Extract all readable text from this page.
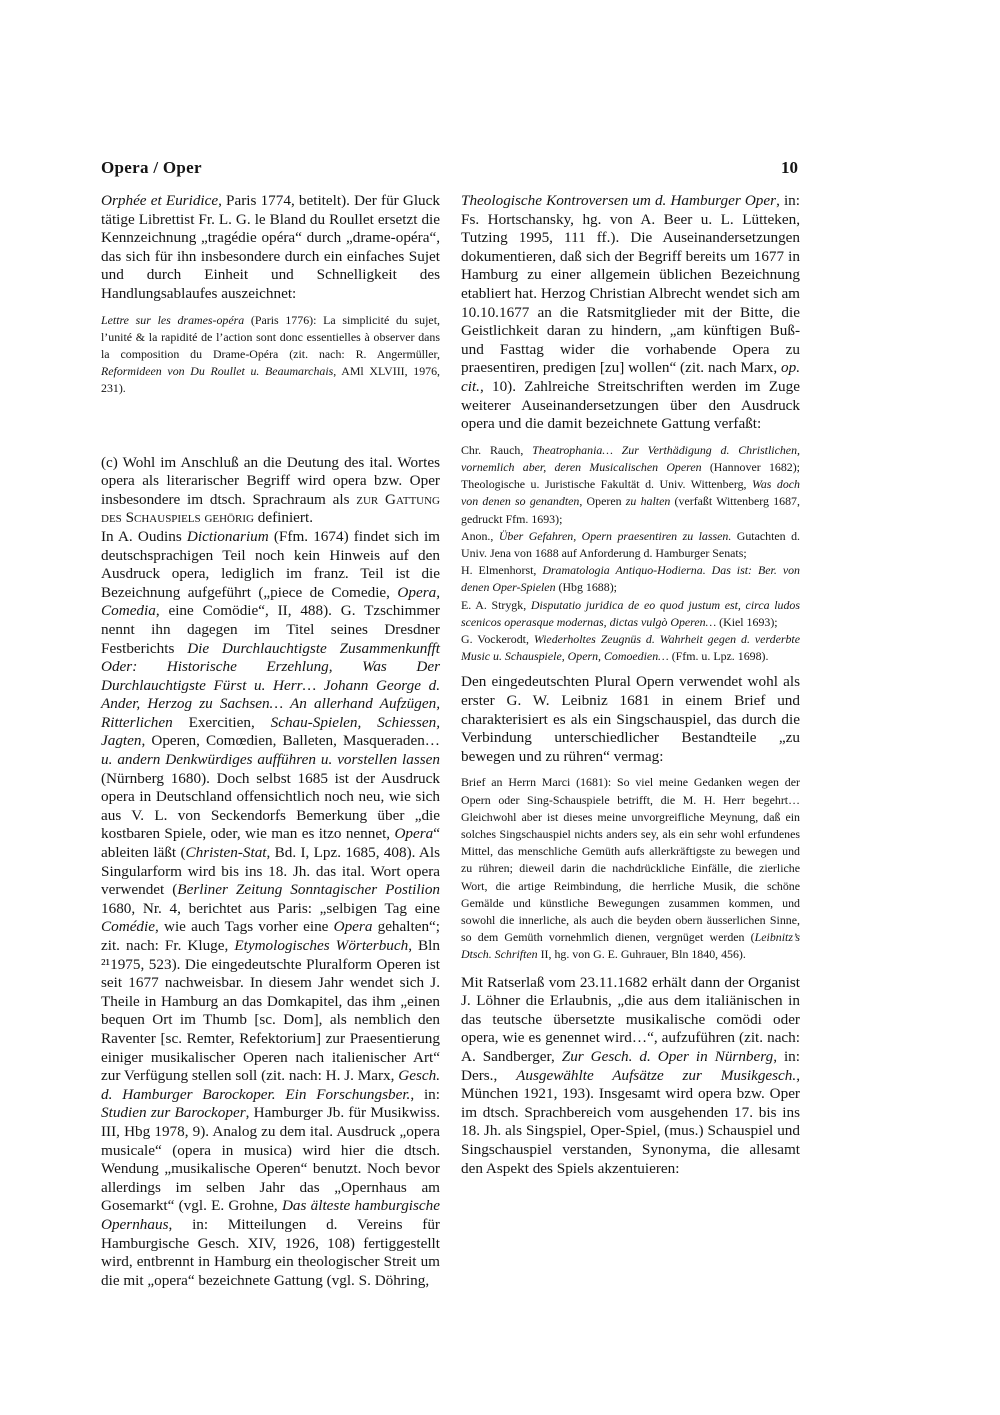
Opera / Oper	10

Orphée et Euridice, Paris 1774, betitelt). Der für Gluck tätige Librettist Fr. L. G. le Bland du Roullet ersetzt die Kennzeichnung „tragédie opéra“ durch „drame-opéra“, das sich für ihn insbesondere durch ein einfaches Sujet und durch Einheit und Schnelligkeit des Handlungsablaufes auszeichnet:

Lettre sur les drames-opéra (Paris 1776): La simplicité du sujet, l’unité & la rapidité de l’action sont donc essentielles à observer dans la composition du Drame-Opéra (zit. nach: R. Angermüller, Reformideen von Du Roullet u. Beaumarchais, AMl XLVIII, 1976, 231).

(c) Wohl im Anschluß an die Deutung des ital. Wortes opera als literarischer Begriff wird opera bzw. Oper insbesondere im dtsch. Sprachraum als zur Gattung des Schauspiels gehörig definiert.

In A. Oudins Dictionarium (Ffm. 1674) findet sich im deutschsprachigen Teil noch kein Hinweis auf den Ausdruck opera, lediglich im franz. Teil ist die Bezeichnung aufgeführt („piece de Comedie, Opera, Comedia, eine Comödie“, II, 488). G. Tzschimmer nennt ihn dagegen im Titel seines Dresdner Festberichts Die Durchlauchtigste Zusammenkunfft Oder: Historische Erzehlung, Was Der Durchlauchtigste Fürst u. Herr… Johann George d. Ander, Herzog zu Sachsen… An allerhand Aufzügen, Ritterlichen Exercitien, Schau-Spielen, Schiessen, Jagten, Operen, Comœdien, Balleten, Masqueraden… u. andern Denkwürdiges aufführen u. vorstellen lassen (Nürnberg 1680). Doch selbst 1685 ist der Ausdruck opera in Deutschland offensichtlich noch neu, wie sich aus V. L. von Seckendorfs Bemerkung über „die kostbaren Spiele, oder, wie man es itzo nennet, Opera“ ableiten läßt (Christen-Stat, Bd. I, Lpz. 1685, 408). Als Singularform wird bis ins 18. Jh. das ital. Wort opera verwendet (Berliner Zeitung Sonntagischer Postilion 1680, Nr. 4, berichtet aus Paris: „selbigen Tag eine Comédie, wie auch Tags vorher eine Opera gehalten“; zit. nach: Fr. Kluge, Etymologisches Wörterbuch, Bln ²¹1975, 523). Die eingedeutschte Pluralform Operen ist seit 1677 nachweisbar. In diesem Jahr wendet sich J. Theile in Hamburg an das Domkapitel, das ihm „einen bequen Ort im Thumb [sc. Dom], als nemblich den Raventer [sc. Remter, Refektorium] zur Praesentierung einiger musikalischer Operen nach italienischer Art“ zur Verfügung stellen soll (zit. nach: H. J. Marx, Gesch. d. Hamburger Barockoper. Ein Forschungsber., in: Studien zur Barockoper, Hamburger Jb. für Musikwiss. III, Hbg 1978, 9). Analog zu dem ital. Ausdruck „opera musicale“ (opera in musica) wird hier die dtsch. Wendung „musikalische Operen“ benutzt. Noch bevor allerdings im selben Jahr das „Opernhaus am Gosemarkt“ (vgl. E. Grohne, Das älteste hamburgische Opernhaus, in: Mitteilungen d. Vereins für Hamburgische Gesch. XIV, 1926, 108) fertiggestellt wird, entbrennt in Hamburg ein theologischer Streit um die mit „opera“ bezeichnete Gattung (vgl. S. Döhring,

Theologische Kontroversen um d. Hamburger Oper, in: Fs. Hortschansky, hg. von A. Beer u. L. Lütteken, Tutzing 1995, 111 ff.). Die Auseinandersetzungen dokumentieren, daß sich der Begriff bereits um 1677 in Hamburg zu einer allgemein üblichen Bezeichnung etabliert hat. Herzog Christian Albrecht wendet sich am 10.10.1677 an die Ratsmitglieder mit der Bitte, die Geistlichkeit daran zu hindern, „am künftigen Buß- und Fasttag wider die vorhabende Opera zu praesentiren, predigen [zu] wollen“ (zit. nach Marx, op. cit., 10). Zahlreiche Streitschriften werden im Zuge weiterer Auseinandersetzungen über den Ausdruck opera und die damit bezeichnete Gattung verfaßt:

Chr. Rauch, Theatrophania… Zur Verthädigung d. Christlichen, vornemlich aber, deren Musicalischen Operen (Hannover 1682); Theologische u. Juristische Fakultät d. Univ. Wittenberg, Was doch von denen so genandten, Operen zu halten (verfaßt Wittenberg 1687, gedruckt Ffm. 1693);

Anon., Über Gefahren, Opern praesentiren zu lassen. Gutachten d. Univ. Jena von 1688 auf Anforderung d. Hamburger Senats;

H. Elmenhorst, Dramatologia Antiquo-Hodierna. Das ist: Ber. von denen Oper-Spielen (Hbg 1688);

E. A. Strygk, Disputatio juridica de eo quod justum est, circa ludos scenicos operasque modernas, dictas vulgò Operen… (Kiel 1693);

G. Vockerodt, Wiederholtes Zeugnüs d. Wahrheit gegen d. verderbte Music u. Schauspiele, Opern, Comoedien… (Ffm. u. Lpz. 1698).

Den eingedeutschten Plural Opern verwendet wohl als erster G. W. Leibniz 1681 in einem Brief und charakterisiert es als ein Singschauspiel, das durch die Verbindung unterschiedlicher Bestandteile „zu bewegen und zu rühren“ vermag:

Brief an Herrn Marci (1681): So viel meine Gedanken wegen der Opern oder Sing-Schauspiele betrifft, die M. H. Herr begehrt… Gleichwohl aber ist dieses meine unvorgreifliche Meynung, daß ein solches Singschauspiel nichts anders sey, als ein sehr wohl erfundenes Mittel, das menschliche Gemüth aufs allerkräftigste zu bewegen und zu rühren; dieweil darin die nachdrückliche Einfälle, die zierliche Wort, die artige Reimbindung, die herrliche Musik, die schöne Gemälde und künstliche Bewegungen zusammen kommen, und sowohl die innerliche, als auch die beyden obern äusserlichen Sinne, so dem Gemüth vornehmlich dienen, vergnüget werden (Leibnitz’s Dtsch. Schriften II, hg. von G. E. Guhrauer, Bln 1840, 456).

Mit Ratserlaß vom 23.11.1682 erhält dann der Organist J. Löhner die Erlaubnis, „die aus dem italiänischen in das teutsche übersetzte musikalische comödi oder opera, wie es genennet wird…“, aufzuführen (zit. nach: A. Sandberger, Zur Gesch. d. Oper in Nürnberg, in: Ders., Ausgewählte Aufsätze zur Musikgesch., München 1921, 193). Insgesamt wird opera bzw. Oper im dtsch. Sprachbereich vom ausgehenden 17. bis ins 18. Jh. als Singspiel, Oper-Spiel, (mus.) Schauspiel und Singschauspiel verstanden, Synonyma, die allesamt den Aspekt des Spiels akzentuieren:
